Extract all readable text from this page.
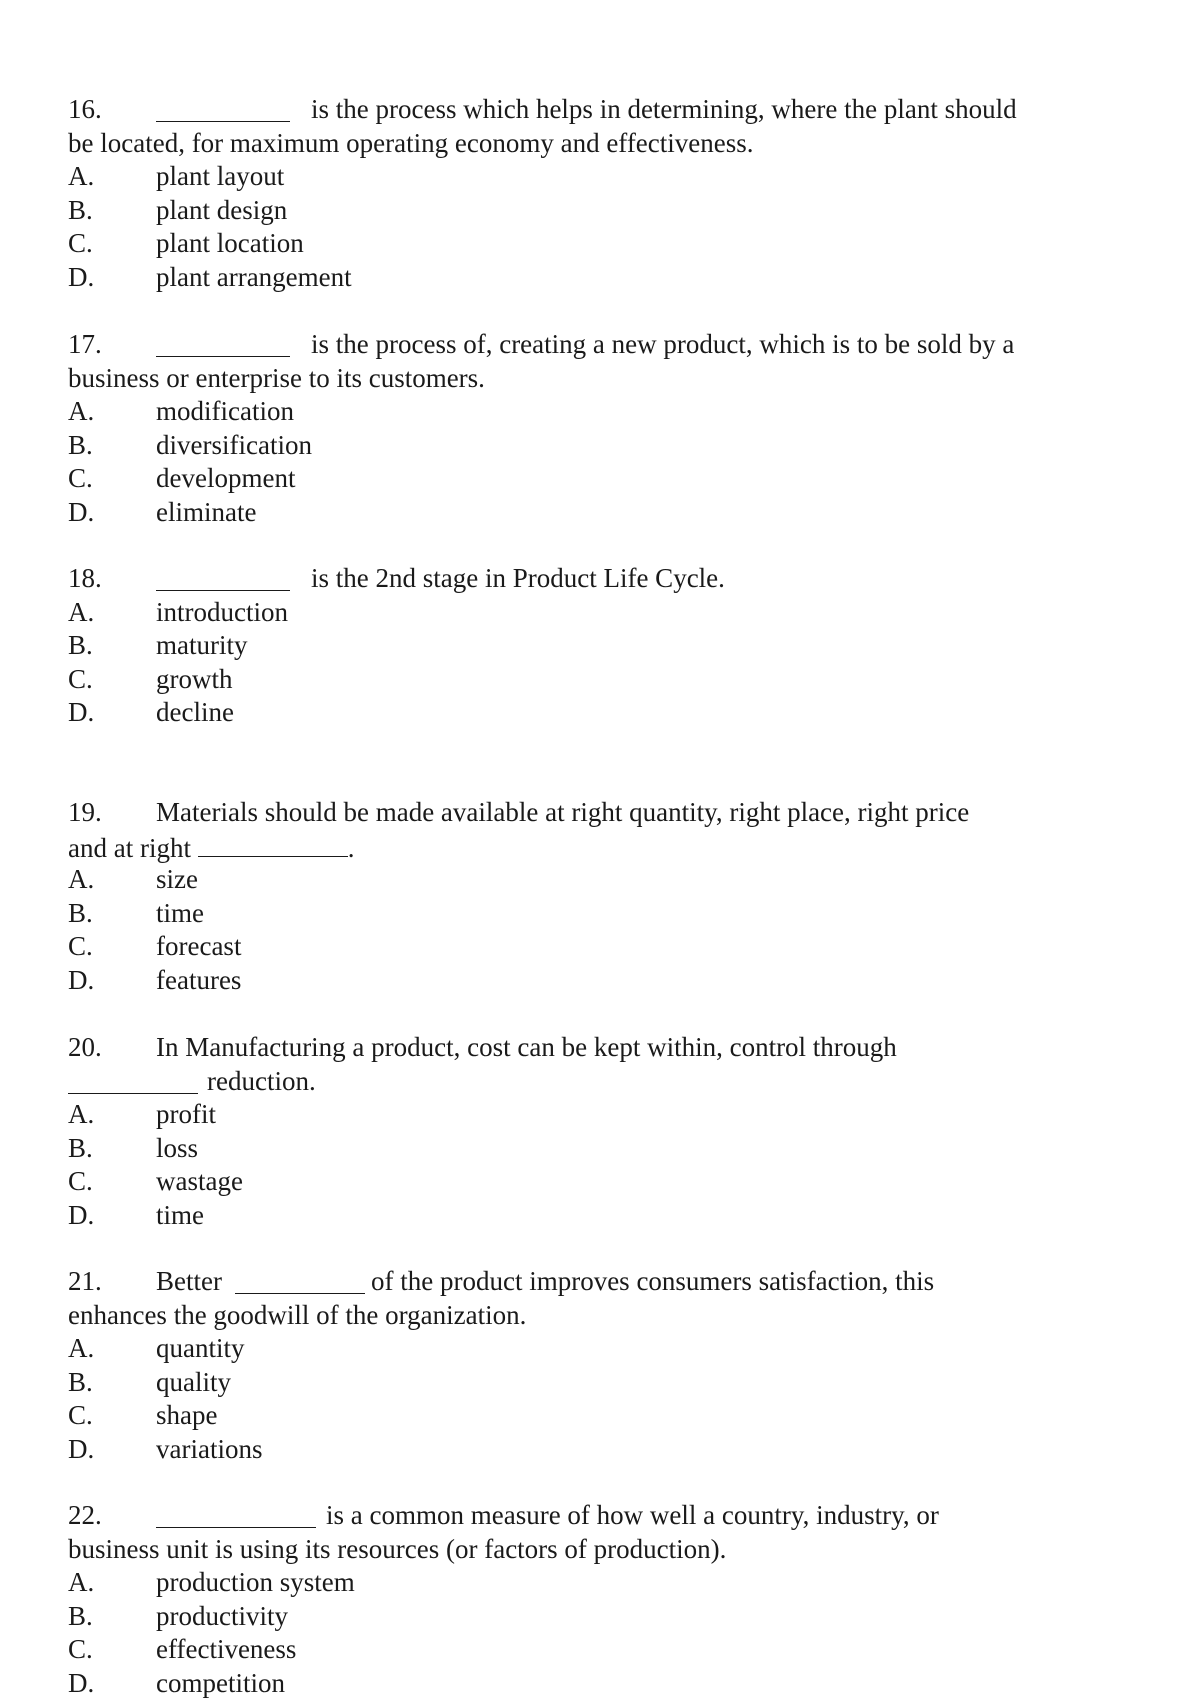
16.	is the process which helps in determining, where the plant should
be located, for maximum operating economy and effectiveness.
A. plant layout
B. plant design
C. plant location
D. plant arrangement
17.	is the process of, creating a new product, which is to be sold by a
business or enterprise to its customers.
A. modification
B. diversification
C. development
D. eliminate
18.	is the 2nd stage in Product Life Cycle.
A. introduction
B. maturity
C. growth
D. decline
19. Materials should be made available at right quantity, right place, right price
and at right	.
A. size
B. time
C. forecast
D. features
20. In Manufacturing a product, cost can be kept within, control through
reduction.
A. profit
B. loss
C. wastage
D. time
21. Better	of the product improves consumers satisfaction, this
enhances the goodwill of the organization.
A. quantity
B. quality
C. shape
D. variations
22.	is a common measure of how well a country, industry, or
business unit is using its resources (or factors of production).
A. production system
B. productivity
C. effectiveness
D. competition
